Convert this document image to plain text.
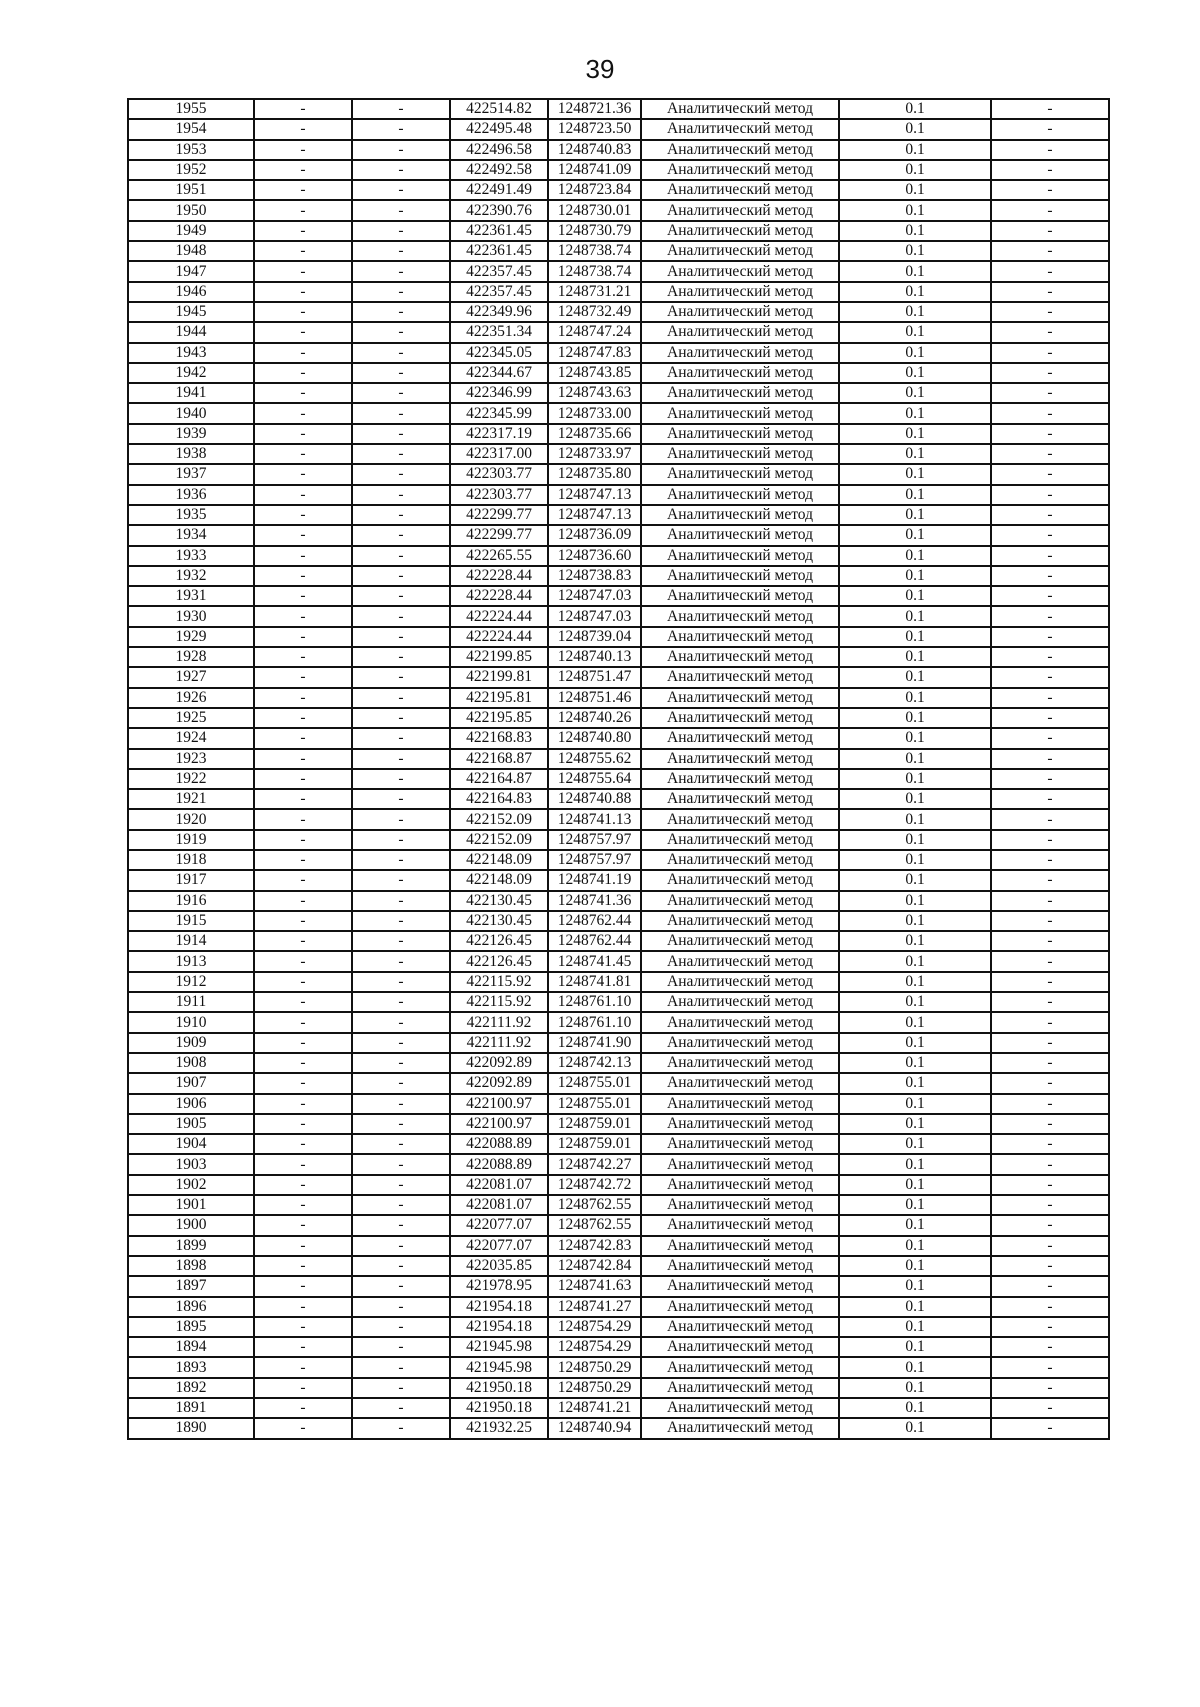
39
1955	-	-	422514.82	1248721.36	Аналитический метод	0.1	-
1954	-	-	422495.48	1248723.50	Аналитический метод	0.1	-
1953	-	-	422496.58	1248740.83	Аналитический метод	0.1	-
1952	-	-	422492.58	1248741.09	Аналитический метод	0.1	-
1951	-	-	422491.49	1248723.84	Аналитический метод	0.1	-
1950	-	-	422390.76	1248730.01	Аналитический метод	0.1	-
1949	-	-	422361.45	1248730.79	Аналитический метод	0.1	-
1948	-	-	422361.45	1248738.74	Аналитический метод	0.1	-
1947	-	-	422357.45	1248738.74	Аналитический метод	0.1	-
1946	-	-	422357.45	1248731.21	Аналитический метод	0.1	-
1945	-	-	422349.96	1248732.49	Аналитический метод	0.1	-
1944	-	-	422351.34	1248747.24	Аналитический метод	0.1	-
1943	-	-	422345.05	1248747.83	Аналитический метод	0.1	-
1942	-	-	422344.67	1248743.85	Аналитический метод	0.1	-
1941	-	-	422346.99	1248743.63	Аналитический метод	0.1	-
1940	-	-	422345.99	1248733.00	Аналитический метод	0.1	-
1939	-	-	422317.19	1248735.66	Аналитический метод	0.1	-
1938	-	-	422317.00	1248733.97	Аналитический метод	0.1	-
1937	-	-	422303.77	1248735.80	Аналитический метод	0.1	-
1936	-	-	422303.77	1248747.13	Аналитический метод	0.1	-
1935	-	-	422299.77	1248747.13	Аналитический метод	0.1	-
1934	-	-	422299.77	1248736.09	Аналитический метод	0.1	-
1933	-	-	422265.55	1248736.60	Аналитический метод	0.1	-
1932	-	-	422228.44	1248738.83	Аналитический метод	0.1	-
1931	-	-	422228.44	1248747.03	Аналитический метод	0.1	-
1930	-	-	422224.44	1248747.03	Аналитический метод	0.1	-
1929	-	-	422224.44	1248739.04	Аналитический метод	0.1	-
1928	-	-	422199.85	1248740.13	Аналитический метод	0.1	-
1927	-	-	422199.81	1248751.47	Аналитический метод	0.1	-
1926	-	-	422195.81	1248751.46	Аналитический метод	0.1	-
1925	-	-	422195.85	1248740.26	Аналитический метод	0.1	-
1924	-	-	422168.83	1248740.80	Аналитический метод	0.1	-
1923	-	-	422168.87	1248755.62	Аналитический метод	0.1	-
1922	-	-	422164.87	1248755.64	Аналитический метод	0.1	-
1921	-	-	422164.83	1248740.88	Аналитический метод	0.1	-
1920	-	-	422152.09	1248741.13	Аналитический метод	0.1	-
1919	-	-	422152.09	1248757.97	Аналитический метод	0.1	-
1918	-	-	422148.09	1248757.97	Аналитический метод	0.1	-
1917	-	-	422148.09	1248741.19	Аналитический метод	0.1	-
1916	-	-	422130.45	1248741.36	Аналитический метод	0.1	-
1915	-	-	422130.45	1248762.44	Аналитический метод	0.1	-
1914	-	-	422126.45	1248762.44	Аналитический метод	0.1	-
1913	-	-	422126.45	1248741.45	Аналитический метод	0.1	-
1912	-	-	422115.92	1248741.81	Аналитический метод	0.1	-
1911	-	-	422115.92	1248761.10	Аналитический метод	0.1	-
1910	-	-	422111.92	1248761.10	Аналитический метод	0.1	-
1909	-	-	422111.92	1248741.90	Аналитический метод	0.1	-
1908	-	-	422092.89	1248742.13	Аналитический метод	0.1	-
1907	-	-	422092.89	1248755.01	Аналитический метод	0.1	-
1906	-	-	422100.97	1248755.01	Аналитический метод	0.1	-
1905	-	-	422100.97	1248759.01	Аналитический метод	0.1	-
1904	-	-	422088.89	1248759.01	Аналитический метод	0.1	-
1903	-	-	422088.89	1248742.27	Аналитический метод	0.1	-
1902	-	-	422081.07	1248742.72	Аналитический метод	0.1	-
1901	-	-	422081.07	1248762.55	Аналитический метод	0.1	-
1900	-	-	422077.07	1248762.55	Аналитический метод	0.1	-
1899	-	-	422077.07	1248742.83	Аналитический метод	0.1	-
1898	-	-	422035.85	1248742.84	Аналитический метод	0.1	-
1897	-	-	421978.95	1248741.63	Аналитический метод	0.1	-
1896	-	-	421954.18	1248741.27	Аналитический метод	0.1	-
1895	-	-	421954.18	1248754.29	Аналитический метод	0.1	-
1894	-	-	421945.98	1248754.29	Аналитический метод	0.1	-
1893	-	-	421945.98	1248750.29	Аналитический метод	0.1	-
1892	-	-	421950.18	1248750.29	Аналитический метод	0.1	-
1891	-	-	421950.18	1248741.21	Аналитический метод	0.1	-
1890	-	-	421932.25	1248740.94	Аналитический метод	0.1	-
